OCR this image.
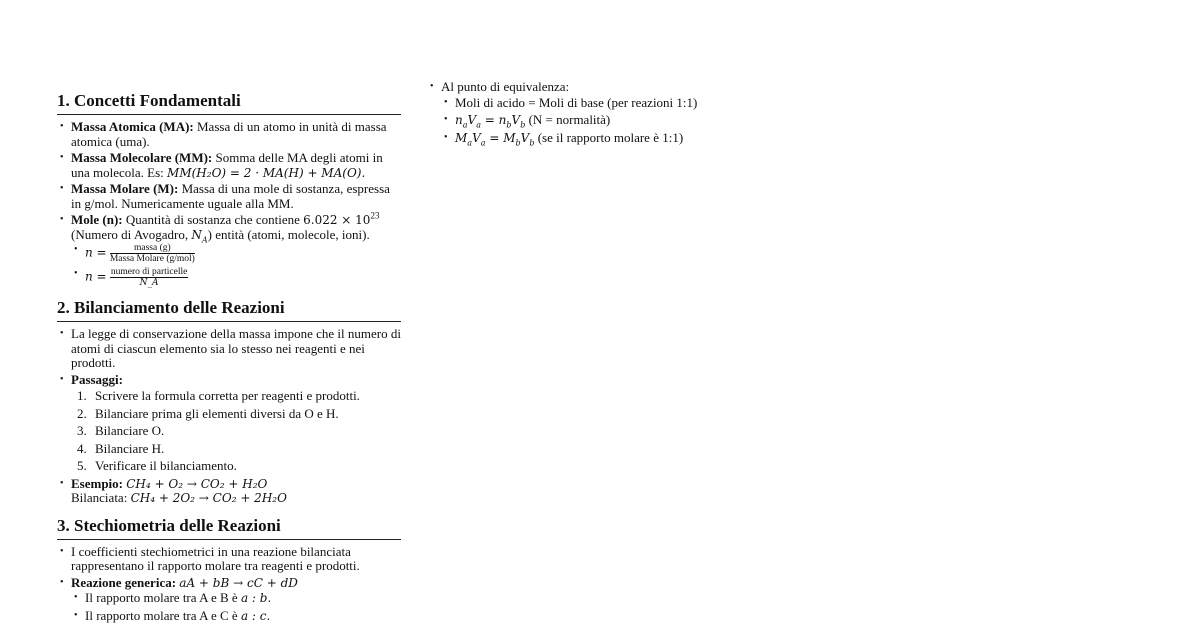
1. Concetti Fondamentali
• Massa Atomica (MA): Massa di un atomo in unità di massa atomica (uma).
• Massa Molecolare (MM): Somma delle MA degli atomi in una molecola. Es: MM(H₂O) = 2 · MA(H) + MA(O).
• Massa Molare (M): Massa di una mole di sostanza, espressa in g/mol. Numericamente uguale alla MM.
• Mole (n): Quantità di sostanza che contiene $6.022 \times 10^{23}$ (Numero di Avogadro, $N_A$) entità (atomi, molecole, ioni).
• $n = \frac{\text{massa (g)}}{\text{Massa Molare (g/mol)}}$
• $n = \frac{\text{numero di particelle}}{N\_A}$
2. Bilanciamento delle Reazioni
• La legge di conservazione della massa impone che il numero di atomi di ciascun elemento sia lo stesso nei reagenti e nei prodotti.
• Passaggi:
1. Scrivere la formula corretta per reagenti e prodotti.
2. Bilanciare prima gli elementi diversi da O e H.
3. Bilanciare O.
4. Bilanciare H.
5. Verificare il bilanciamento.
• Esempio: CH₄ + O₂ → CO₂ + H₂O
Bilanciata: CH₄ + 2O₂ → CO₂ + 2H₂O
3. Stechiometria delle Reazioni
• I coefficienti stechiometrici in una reazione bilanciata rappresentano il rapporto molare tra reagenti e prodotti.
• Reazione generica: aA + bB → cC + dD
• Il rapporto molare tra A e B è a : b.
• Il rapporto molare tra A e C è a : c.
• Al punto di equivalenza:
• Moli di acido = Moli di base (per reazioni 1:1)
• $n_aV_a = n_bV_b$ (N = normalità)
• $M_aV_a = M_bV_b$ (se il rapporto molare è 1:1)
